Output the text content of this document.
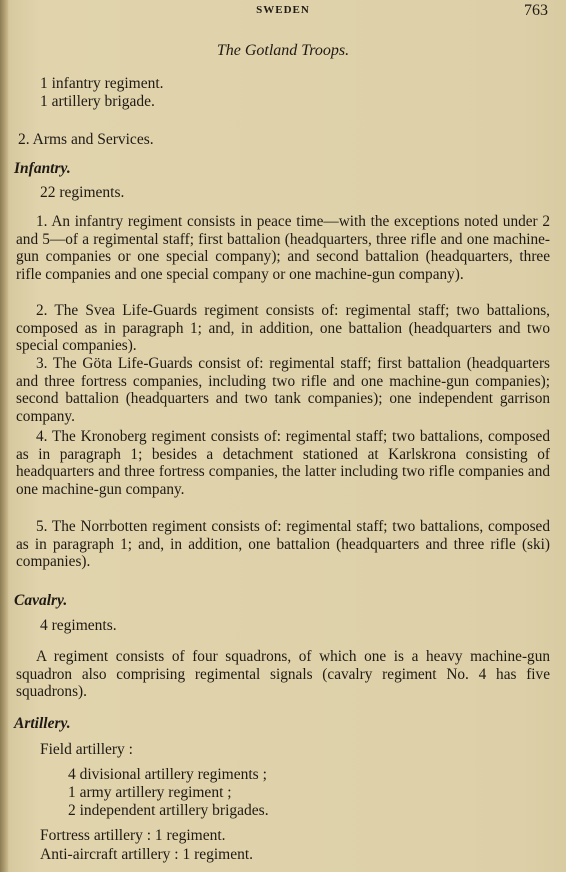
SWEDEN	763
The Gotland Troops.
1 infantry regiment.
1 artillery brigade.
2. Arms and Services.
Infantry.
22 regiments.
1. An infantry regiment consists in peace time—with the exceptions noted under 2 and 5—of a regimental staff; first battalion (headquarters, three rifle and one machine-gun companies or one special company); and second battalion (headquarters, three rifle companies and one special company or one machine-gun company).
2. The Svea Life-Guards regiment consists of: regimental staff; two battalions, composed as in paragraph 1; and, in addition, one battalion (headquarters and two special companies).
3. The Göta Life-Guards consist of: regimental staff; first battalion (headquarters and three fortress companies, including two rifle and one machine-gun companies); second battalion (headquarters and two tank companies); one independent garrison company.
4. The Kronoberg regiment consists of: regimental staff; two battalions, composed as in paragraph 1; besides a detachment stationed at Karlskrona consisting of headquarters and three fortress companies, the latter including two rifle companies and one machine-gun company.
5. The Norrbotten regiment consists of: regimental staff; two battalions, composed as in paragraph 1; and, in addition, one battalion (headquarters and three rifle (ski) companies).
Cavalry.
4 regiments.
A regiment consists of four squadrons, of which one is a heavy machine-gun squadron also comprising regimental signals (cavalry regiment No. 4 has five squadrons).
Artillery.
Field artillery :
4 divisional artillery regiments ;
1 army artillery regiment ;
2 independent artillery brigades.
Fortress artillery : 1 regiment.
Anti-aircraft artillery : 1 regiment.
